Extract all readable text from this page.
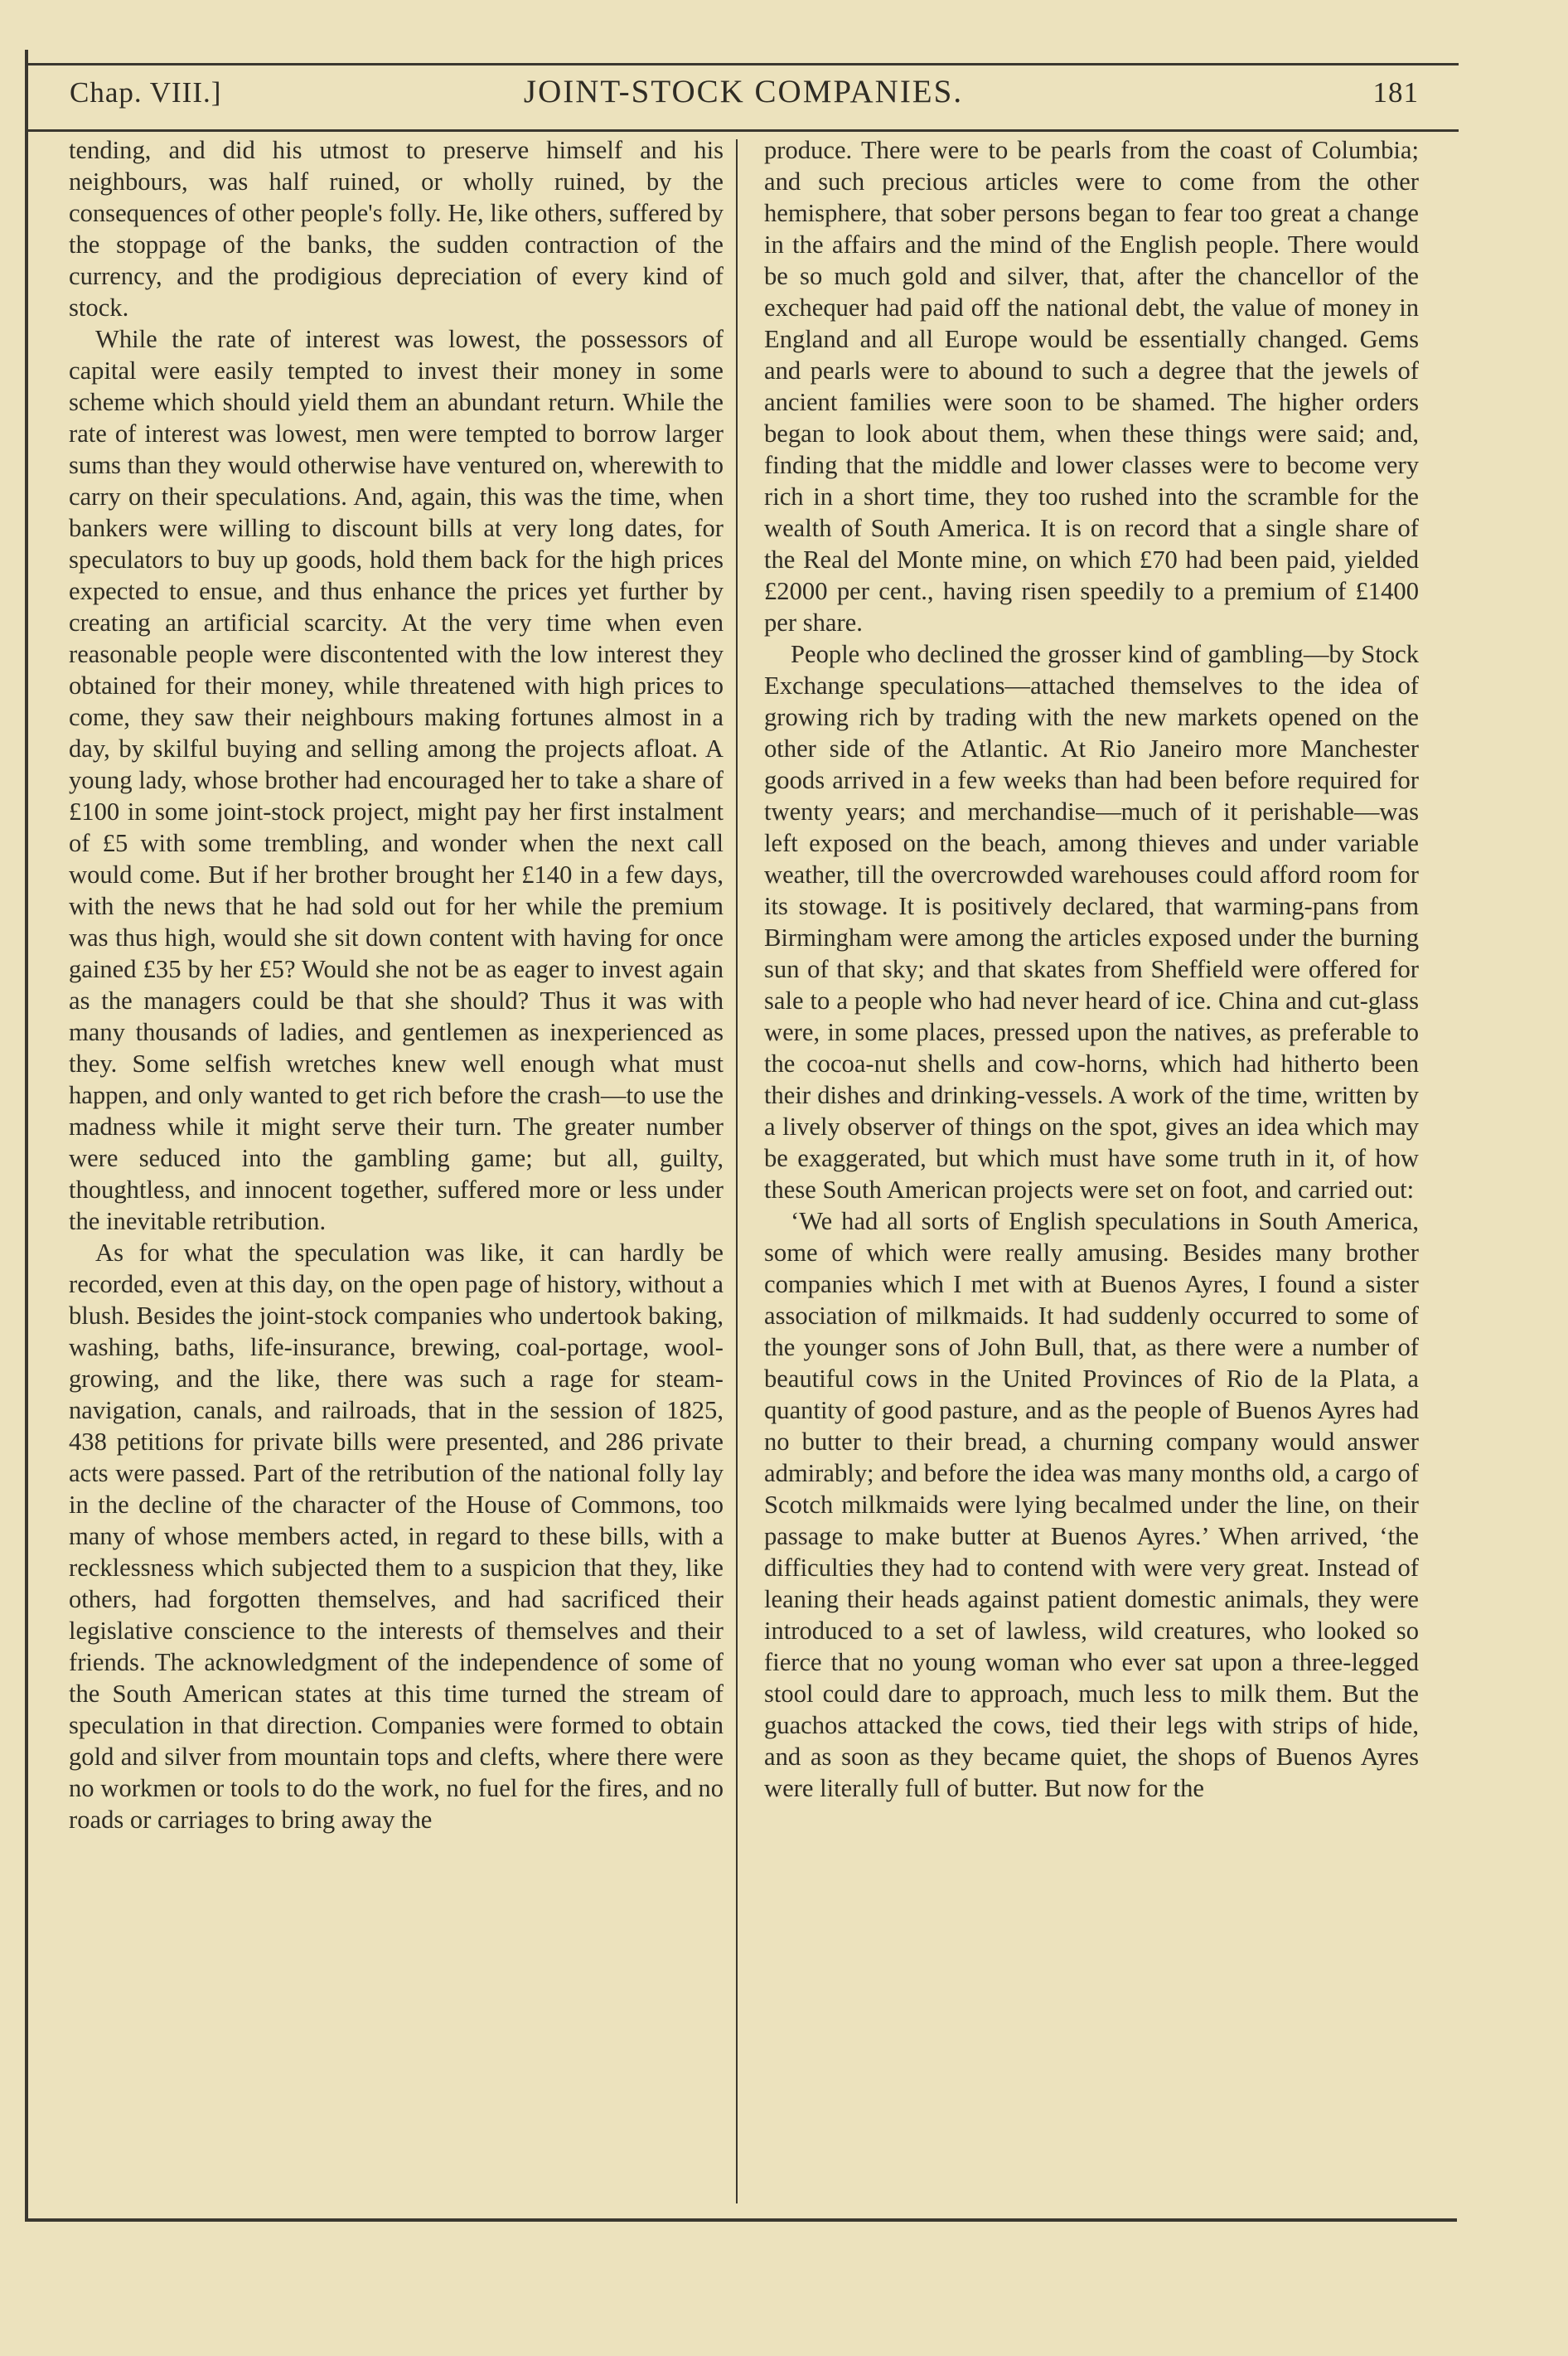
Chap. VIII.]	JOINT-STOCK COMPANIES.	181

tending, and did his utmost to preserve himself and his neighbours, was half ruined, or wholly ruined, by the consequences of other people's folly. He, like others, suffered by the stoppage of the banks, the sudden contraction of the currency, and the prodigious depreciation of every kind of stock.

While the rate of interest was lowest, the possessors of capital were easily tempted to invest their money in some scheme which should yield them an abundant return. While the rate of interest was lowest, men were tempted to borrow larger sums than they would otherwise have ventured on, wherewith to carry on their speculations. And, again, this was the time, when bankers were willing to discount bills at very long dates, for speculators to buy up goods, hold them back for the high prices expected to ensue, and thus enhance the prices yet further by creating an artificial scarcity. At the very time when even reasonable people were discontented with the low interest they obtained for their money, while threatened with high prices to come, they saw their neighbours making fortunes almost in a day, by skilful buying and selling among the projects afloat. A young lady, whose brother had encouraged her to take a share of £100 in some joint-stock project, might pay her first instalment of £5 with some trembling, and wonder when the next call would come. But if her brother brought her £140 in a few days, with the news that he had sold out for her while the premium was thus high, would she sit down content with having for once gained £35 by her £5? Would she not be as eager to invest again as the managers could be that she should? Thus it was with many thousands of ladies, and gentlemen as inexperienced as they. Some selfish wretches knew well enough what must happen, and only wanted to get rich before the crash—to use the madness while it might serve their turn. The greater number were seduced into the gambling game; but all, guilty, thoughtless, and innocent together, suffered more or less under the inevitable retribution.

As for what the speculation was like, it can hardly be recorded, even at this day, on the open page of history, without a blush. Besides the joint-stock companies who undertook baking, washing, baths, life-insurance, brewing, coal-portage, wool-growing, and the like, there was such a rage for steam-navigation, canals, and railroads, that in the session of 1825, 438 petitions for private bills were presented, and 286 private acts were passed. Part of the retribution of the national folly lay in the decline of the character of the House of Commons, too many of whose members acted, in regard to these bills, with a recklessness which subjected them to a suspicion that they, like others, had forgotten themselves, and had sacrificed their legislative conscience to the interests of themselves and their friends. The acknowledgment of the independence of some of the South American states at this time turned the stream of speculation in that direction. Companies were formed to obtain gold and silver from mountain tops and clefts, where there were no workmen or tools to do the work, no fuel for the fires, and no roads or carriages to bring away the

produce. There were to be pearls from the coast of Columbia; and such precious articles were to come from the other hemisphere, that sober persons began to fear too great a change in the affairs and the mind of the English people. There would be so much gold and silver, that, after the chancellor of the exchequer had paid off the national debt, the value of money in England and all Europe would be essentially changed. Gems and pearls were to abound to such a degree that the jewels of ancient families were soon to be shamed. The higher orders began to look about them, when these things were said; and, finding that the middle and lower classes were to become very rich in a short time, they too rushed into the scramble for the wealth of South America. It is on record that a single share of the Real del Monte mine, on which £70 had been paid, yielded £2000 per cent., having risen speedily to a premium of £1400 per share.

People who declined the grosser kind of gambling—by Stock Exchange speculations—attached themselves to the idea of growing rich by trading with the new markets opened on the other side of the Atlantic. At Rio Janeiro more Manchester goods arrived in a few weeks than had been before required for twenty years; and merchandise—much of it perishable—was left exposed on the beach, among thieves and under variable weather, till the overcrowded warehouses could afford room for its stowage. It is positively declared, that warming-pans from Birmingham were among the articles exposed under the burning sun of that sky; and that skates from Sheffield were offered for sale to a people who had never heard of ice. China and cut-glass were, in some places, pressed upon the natives, as preferable to the cocoa-nut shells and cow-horns, which had hitherto been their dishes and drinking-vessels. A work of the time, written by a lively observer of things on the spot, gives an idea which may be exaggerated, but which must have some truth in it, of how these South American projects were set on foot, and carried out:

‘We had all sorts of English speculations in South America, some of which were really amusing. Besides many brother companies which I met with at Buenos Ayres, I found a sister association of milkmaids. It had suddenly occurred to some of the younger sons of John Bull, that, as there were a number of beautiful cows in the United Provinces of Rio de la Plata, a quantity of good pasture, and as the people of Buenos Ayres had no butter to their bread, a churning company would answer admirably; and before the idea was many months old, a cargo of Scotch milkmaids were lying becalmed under the line, on their passage to make butter at Buenos Ayres.’ When arrived, ‘the difficulties they had to contend with were very great. Instead of leaning their heads against patient domestic animals, they were introduced to a set of lawless, wild creatures, who looked so fierce that no young woman who ever sat upon a three-legged stool could dare to approach, much less to milk them. But the guachos attacked the cows, tied their legs with strips of hide, and as soon as they became quiet, the shops of Buenos Ayres were literally full of butter. But now for the
